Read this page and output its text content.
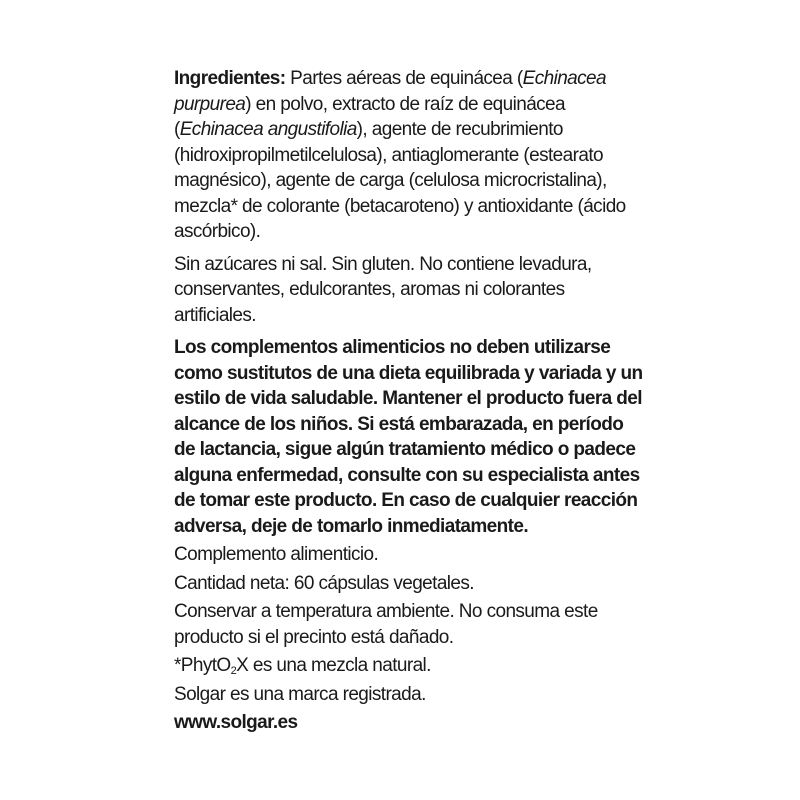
Ingredientes: Partes aéreas de equinácea (Echinacea purpurea) en polvo, extracto de raíz de equinácea (Echinacea angustifolia), agente de recubrimiento (hidroxipropilmetilcelulosa), antiaglomerante (estearato magnésico), agente de carga (celulosa microcristalina), mezcla* de colorante (betacaroteno) y antioxidante (ácido ascórbico).

Sin azúcares ni sal. Sin gluten. No contiene levadura, conservantes, edulcorantes, aromas ni colorantes artificiales.

Los complementos alimenticios no deben utilizarse como sustitutos de una dieta equilibrada y variada y un estilo de vida saludable. Mantener el producto fuera del alcance de los niños. Si está embarazada, en período de lactancia, sigue algún tratamiento médico o padece alguna enfermedad, consulte con su especialista antes de tomar este producto. En caso de cualquier reacción adversa, deje de tomarlo inmediatamente.

Complemento alimenticio.

Cantidad neta: 60 cápsulas vegetales.

Conservar a temperatura ambiente. No consuma este producto si el precinto está dañado.

*PhytO$_2$X es una mezcla natural.

Solgar es una marca registrada.

www.solgar.es
